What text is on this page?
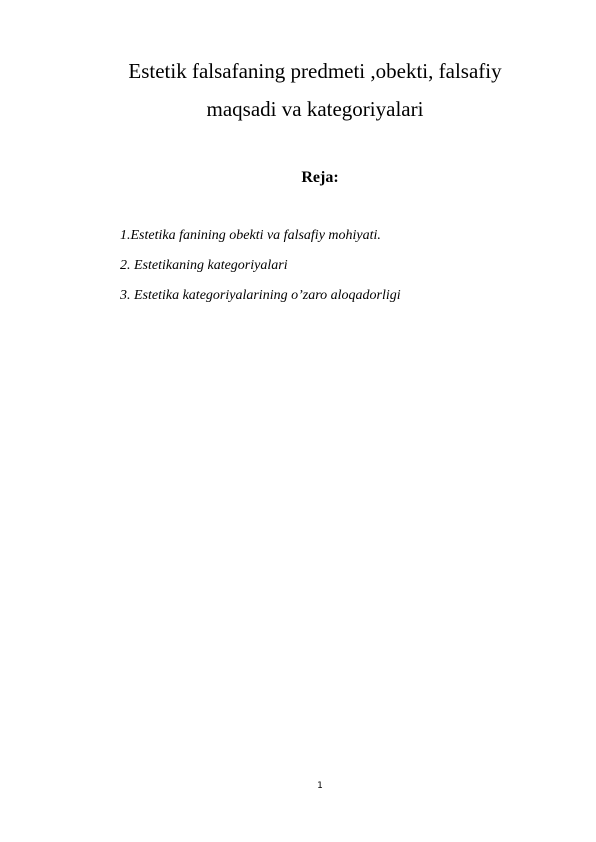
Estetik falsafaning predmeti ,obekti, falsafiy
maqsadi va kategoriyalari
Reja:
1.Estetika fanining obekti va falsafiy mohiyati.
2. Estetikaning kategoriyalari
3. Estetika kategoriyalarining o’zaro aloqadorligi
1
